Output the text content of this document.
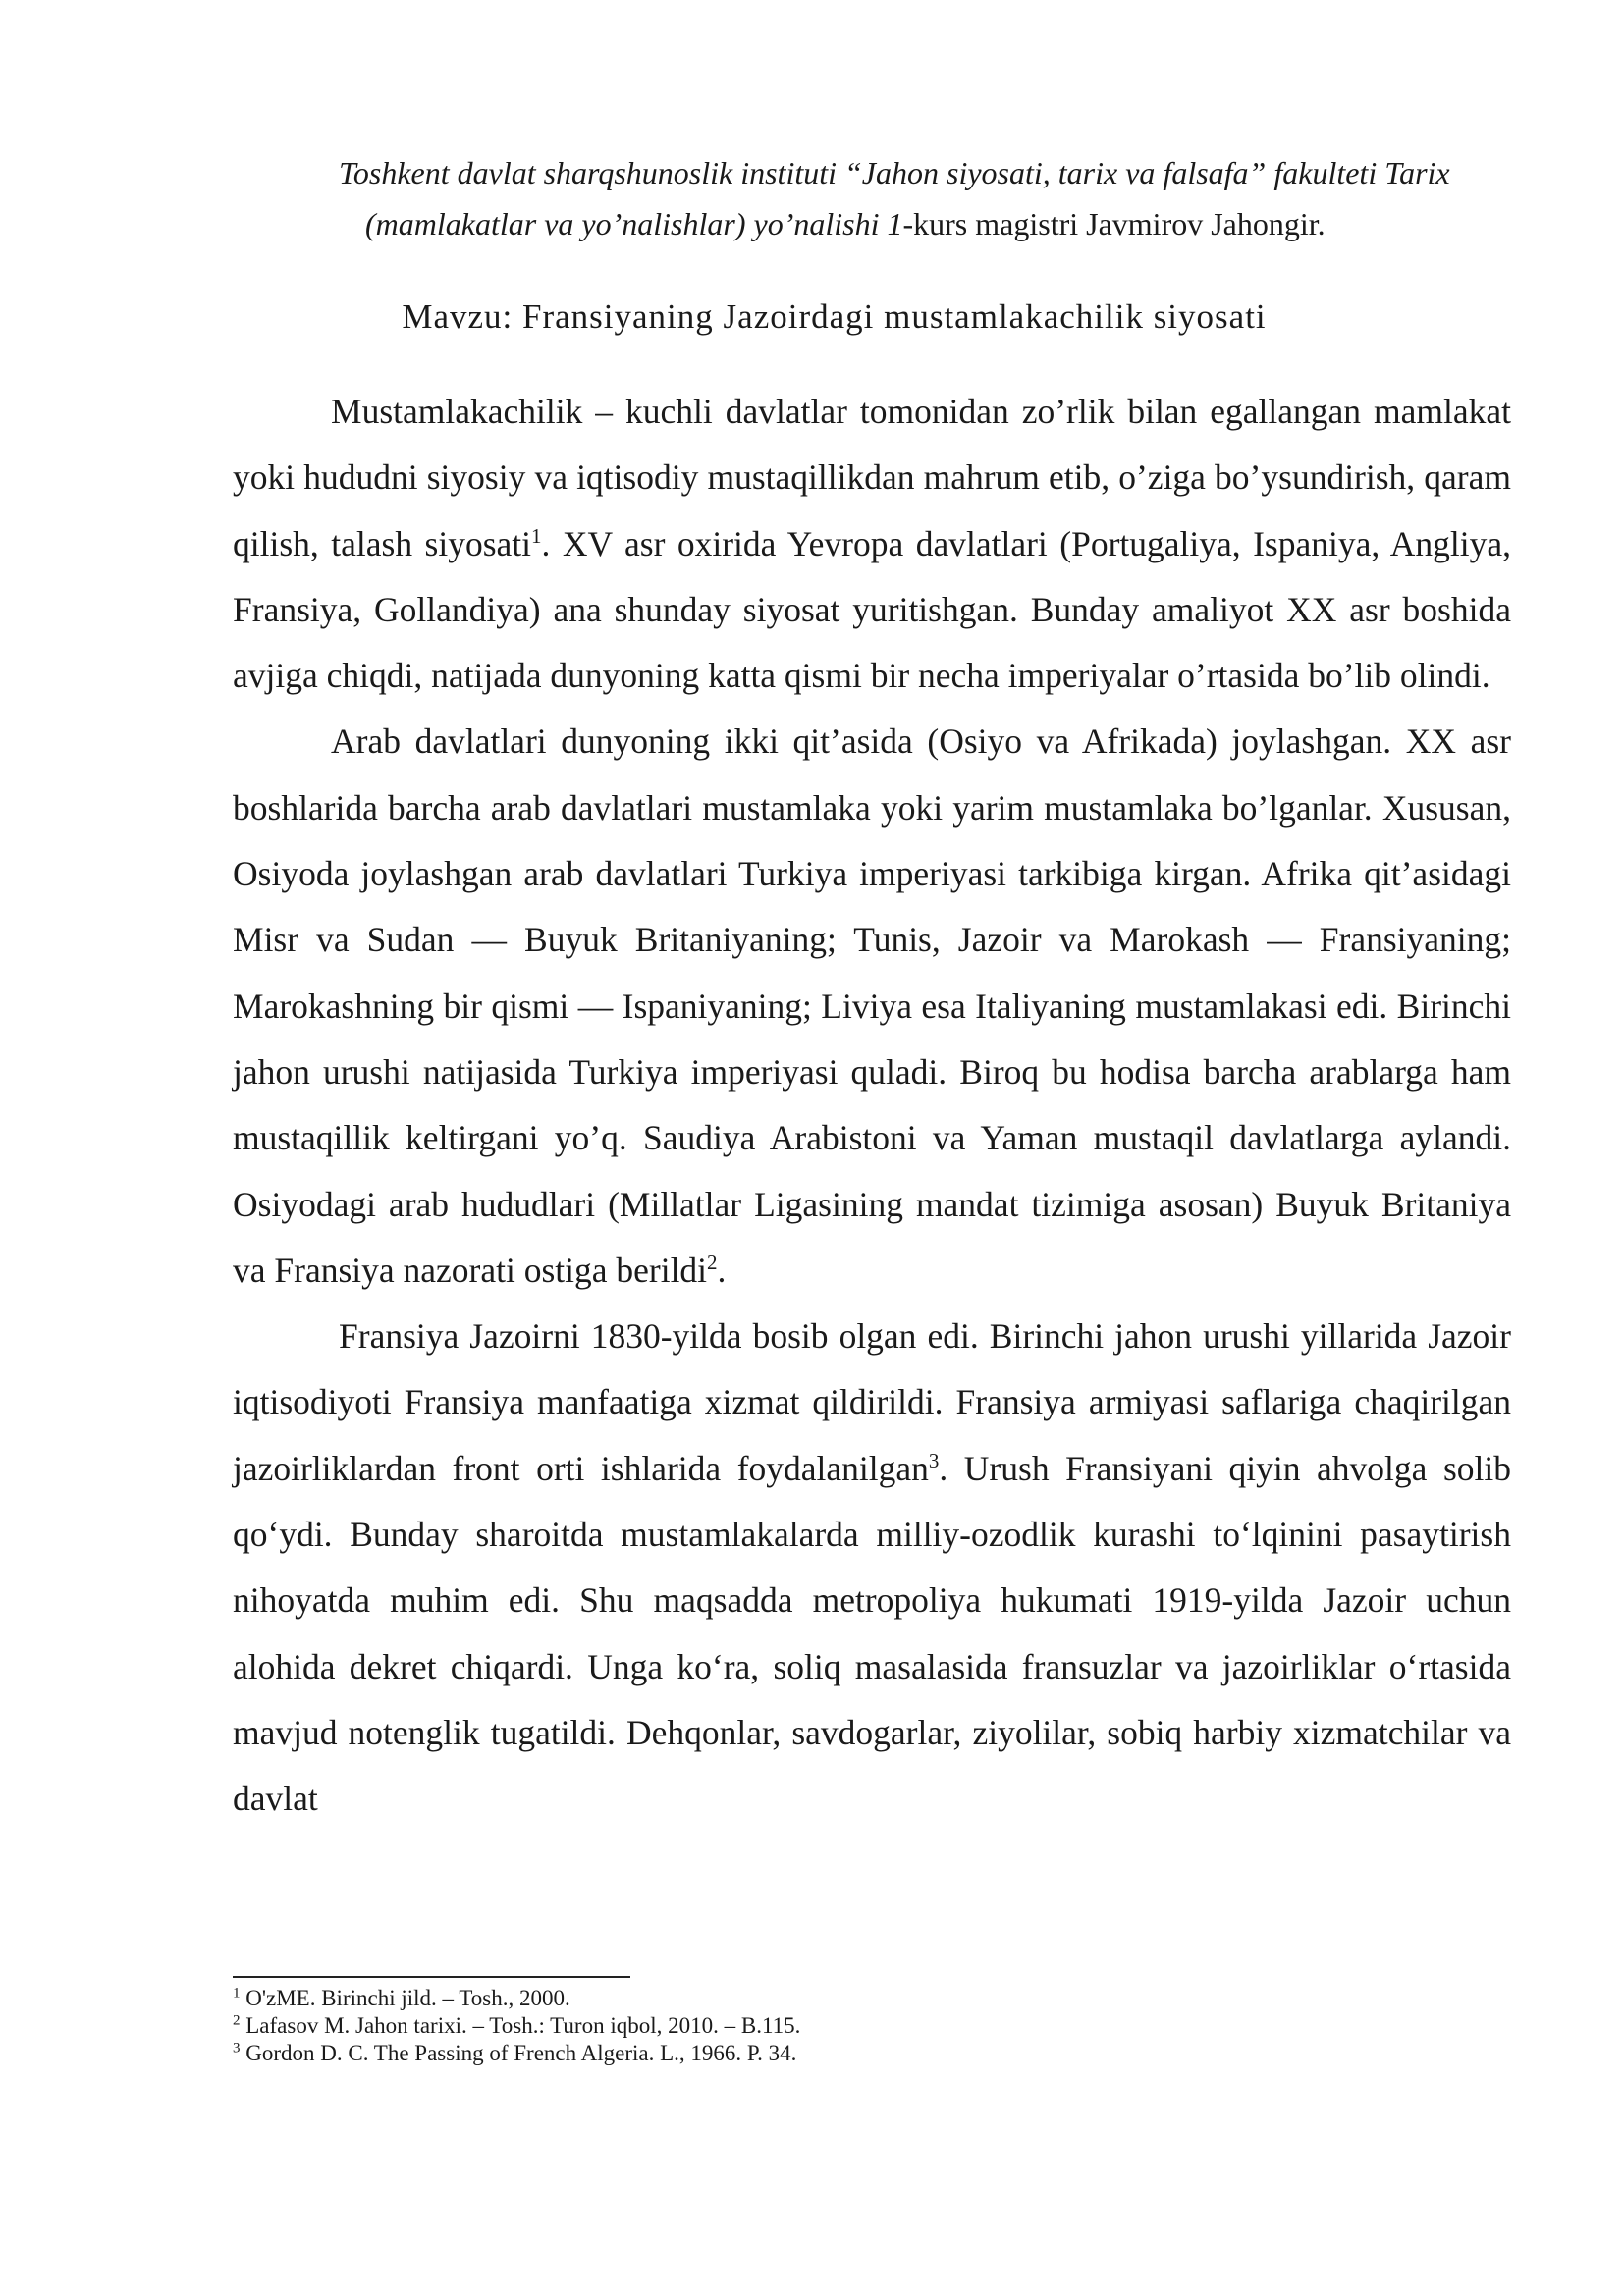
Toshkent davlat sharqshunoslik instituti “Jahon siyosati, tarix va falsafa” fakulteti Tarix

(mamlakatlar va yo’nalishlar) yo’nalishi 1-kurs magistri Javmirov Jahongir.

Mavzu: Fransiyaning Jazoirdagi mustamlakachilik siyosati

Mustamlakachilik – kuchli davlatlar tomonidan zo’rlik bilan egallangan mamlakat yoki hududni siyosiy va iqtisodiy mustaqillikdan mahrum etib, o’ziga bo’ysundirish, qaram qilish, talash siyosati$^1$. XV asr oxirida Yevropa davlatlari (Portugaliya, Ispaniya, Angliya, Fransiya, Gollandiya) ana shunday siyosat yuritishgan. Bunday amaliyot XX asr boshida avjiga chiqdi, natijada dunyoning katta qismi bir necha imperiyalar o’rtasida bo’lib olindi.

Arab davlatlari dunyoning ikki qit’asida (Osiyo va Afrikada) joylashgan. XX asr boshlarida barcha arab davlatlari mustamlaka yoki yarim mustamlaka bo’lganlar. Xususan, Osiyoda joylashgan arab davlatlari Turkiya imperiyasi tarkibiga kirgan. Afrika qit’asidagi Misr va Sudan — Buyuk Britaniyaning; Tunis, Jazoir va Marokash — Fransiyaning; Marokashning bir qismi — Ispaniyaning; Liviya esa Italiyaning mustamlakasi edi. Birinchi jahon urushi natijasida Turkiya imperiyasi quladi. Biroq bu hodisa barcha arablarga ham mustaqillik keltirgani yo’q. Saudiya Arabistoni va Yaman mustaqil davlatlarga aylandi. Osiyodagi arab hududlari (Millatlar Ligasining mandat tizimiga asosan) Buyuk Britaniya va Fransiya nazorati ostiga berildi$^2$.

Fransiya Jazoirni 1830-yilda bosib olgan edi. Birinchi jahon urushi yillarida Jazoir iqtisodiyoti Fransiya manfaatiga xizmat qildirildi. Fransiya armiyasi saflariga chaqirilgan jazoirliklardan front orti ishlarida foydalanilgan$^3$. Urush Fransiyani qiyin ahvolga solib qo‘ydi. Bunday sharoitda mustamlakalarda milliy-ozodlik kurashi to‘lqinini pasaytirish nihoyatda muhim edi. Shu maqsadda metropoliya hukumati 1919-yilda Jazoir uchun alohida dekret chiqardi. Unga ko‘ra, soliq masalasida fransuzlar va jazoirliklar o‘rtasida mavjud notenglik tugatildi. Dehqonlar, savdogarlar, ziyolilar, sobiq harbiy xizmatchilar va davlat

$^1$ O'zME. Birinchi jild. – Tosh., 2000.
$^2$ Lafasov M. Jahon tarixi. – Tosh.: Turon iqbol, 2010. – B.115.
$^3$ Gordon D. C. The Passing of French Algeria. L., 1966. P. 34.
